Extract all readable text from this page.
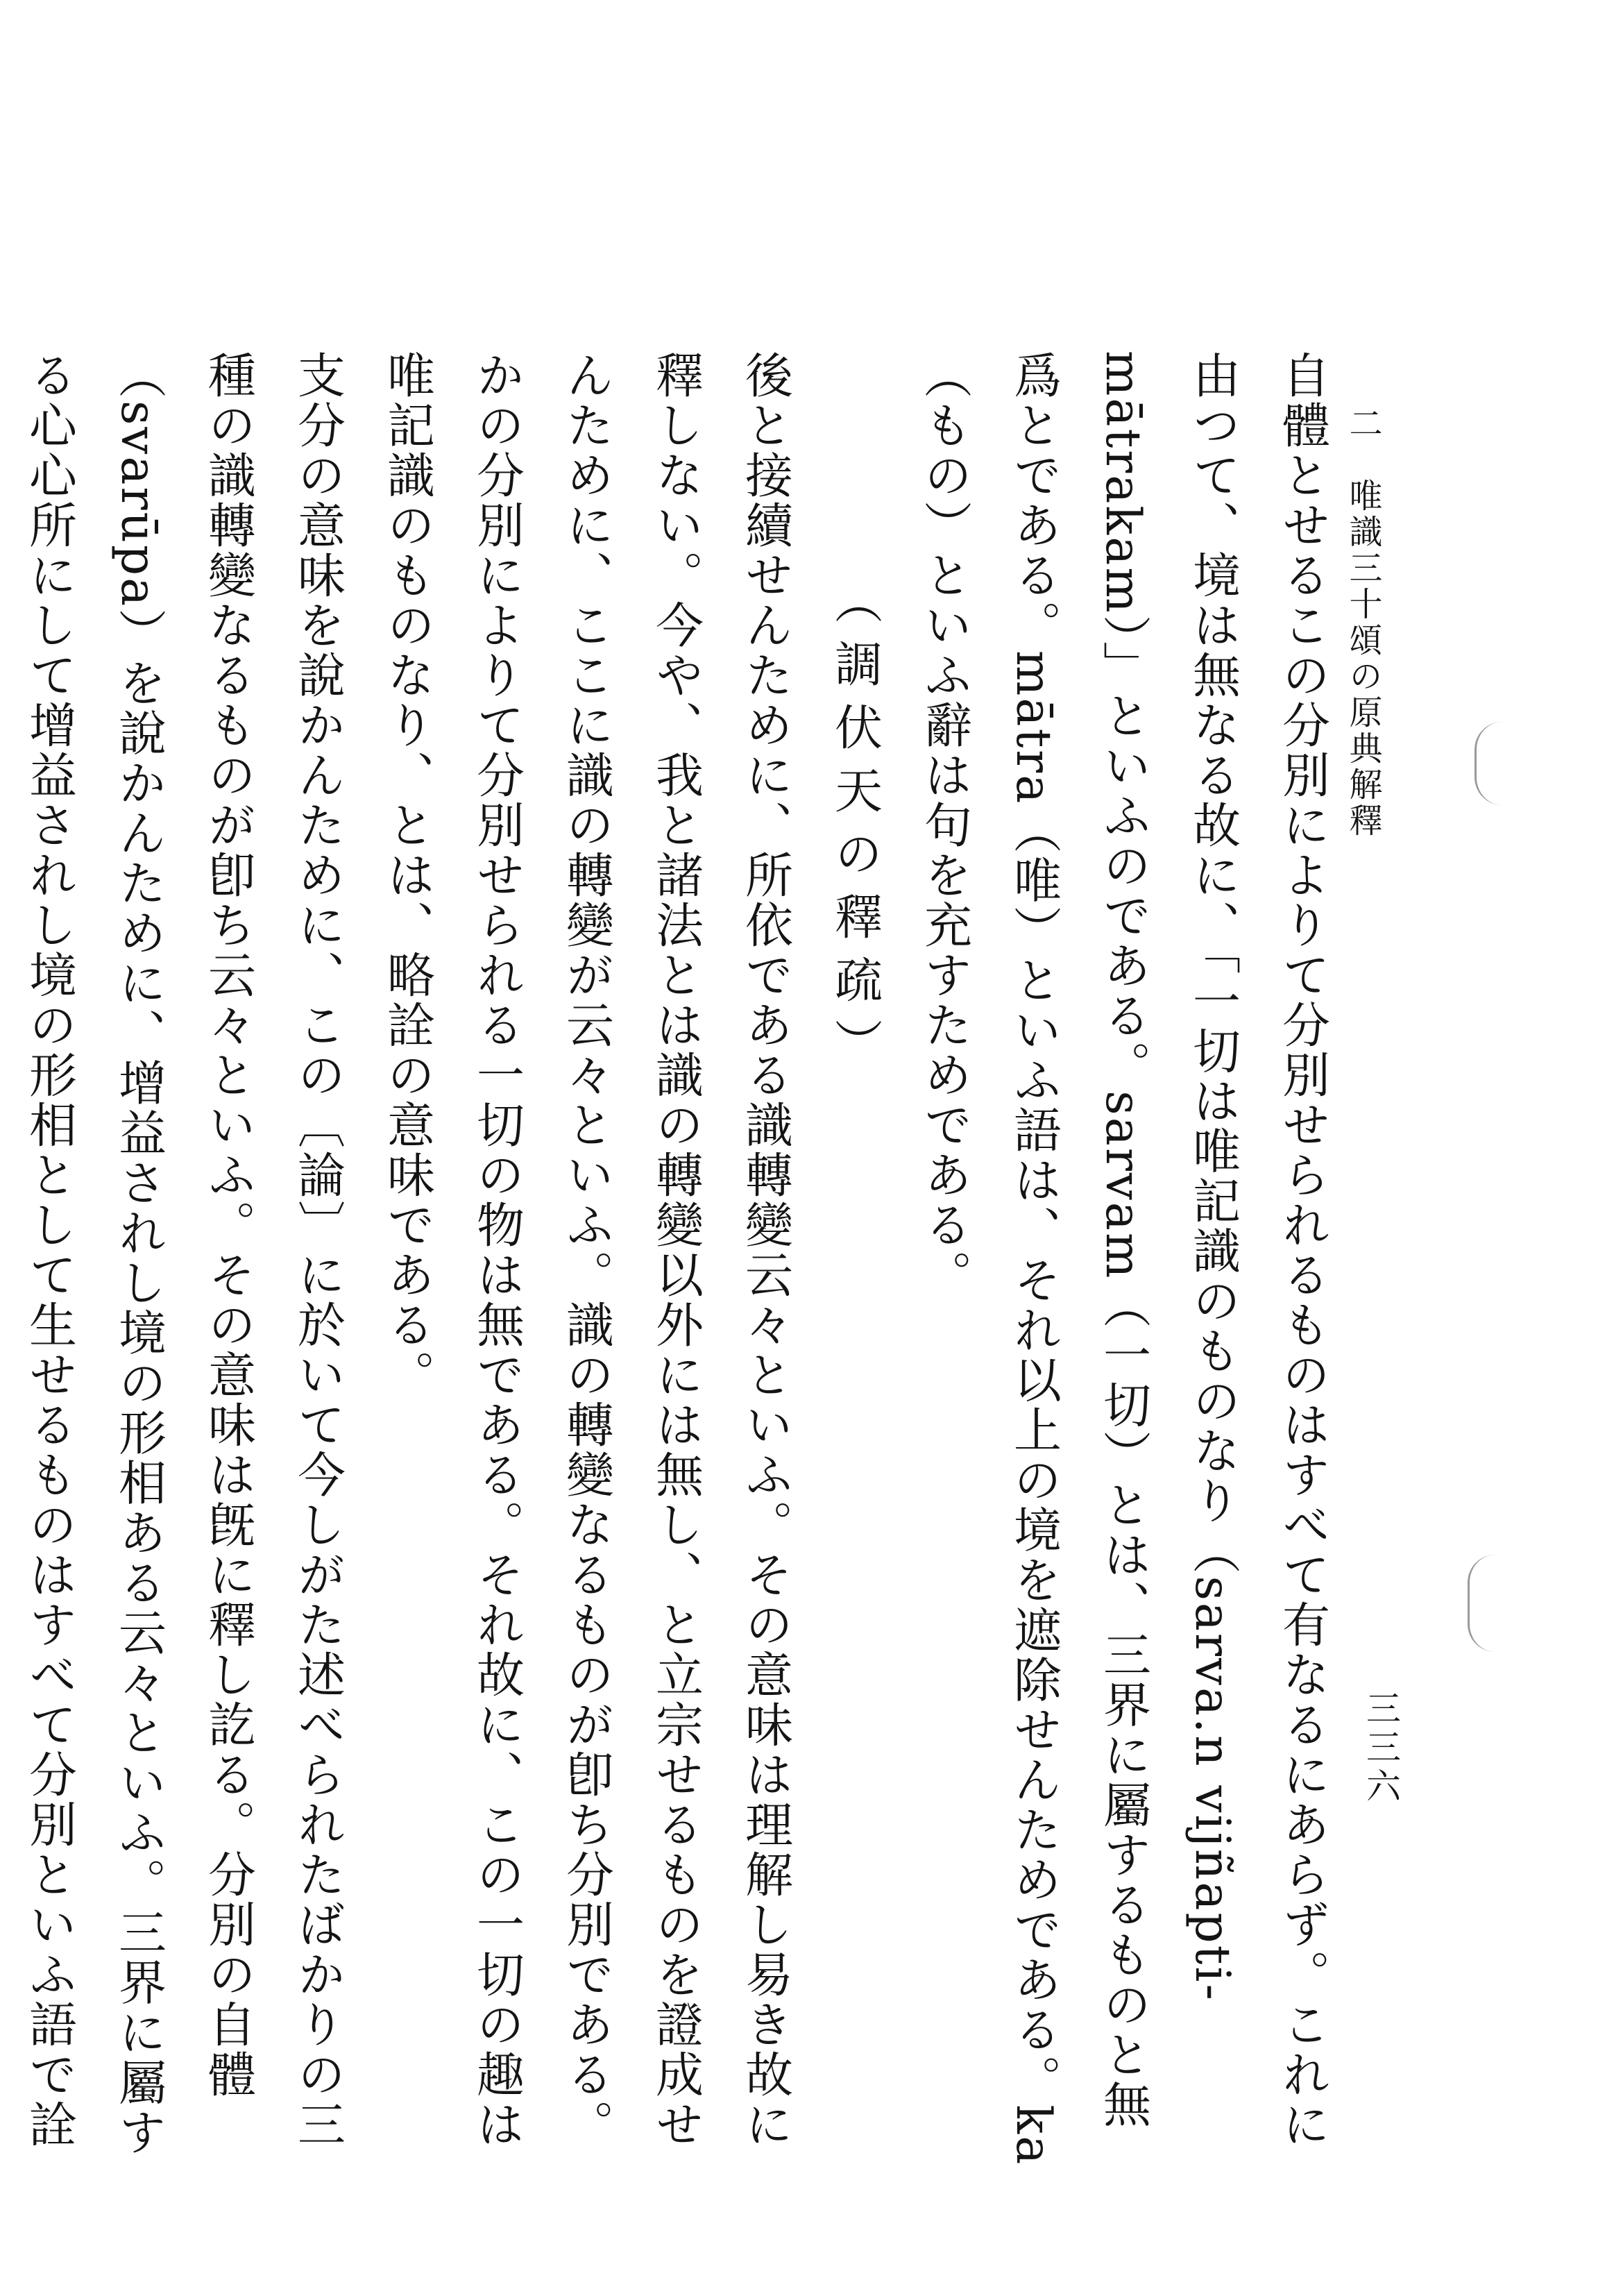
二　唯識三十頌の原典解釋
三三六

自體とせるこの分別によりて分別せられるものはすべて有なるにあらず。これに由つて、境は無なる故に、「一切は唯記識のものなり（sarva.n vijñapti-mātrakam）」といふのである。sarvam（一切）とは、三界に屬するものと無爲とである。mātra（唯）といふ語は、それ以上の境を遮除せんためである。ka（もの）といふ辭は句を充すためである。

（調伏天の釋疏）

後と接續せんために、所依である識轉變云々といふ。その意味は理解し易き故に釋しない。今や、我と諸法とは識の轉變以外には無し、と立宗せるものを證成せんために、ここに識の轉變が云々といふ。識の轉變なるものが卽ち分別である。かの分別によりて分別せられる一切の物は無である。それ故に、この一切の趣は唯記識のものなり、とは、略詮の意味である。

支分の意味を說かんために、この〔論〕に於いて今しがた述べられたばかりの三種の識轉變なるものが卽ち云々といふ。その意味は旣に釋し訖る。分別の自體（svarūpa）を說かんために、增益されし境の形相ある云々といふ。三界に屬する心心所にして增益されし境の形相として生せるものはすべて分別といふ語で詮
